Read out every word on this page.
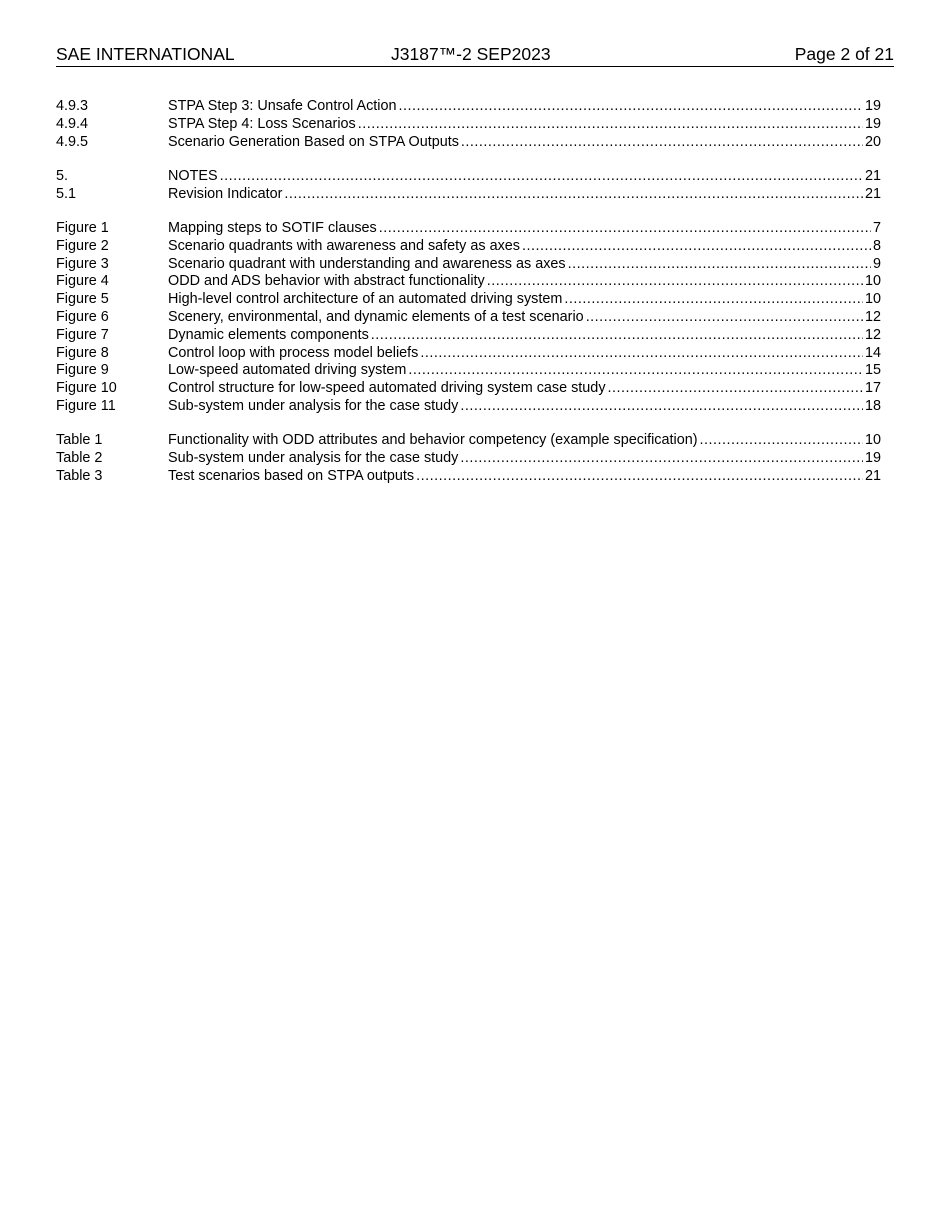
SAE INTERNATIONAL	J3187™-2 SEP2023	Page 2 of 21
4.9.3	STPA Step 3: Unsafe Control Action .....	19
4.9.4	STPA Step 4: Loss Scenarios .....	19
4.9.5	Scenario Generation Based on STPA Outputs .....	20
5.	NOTES .....	21
5.1	Revision Indicator .....	21
Figure 1	Mapping steps to SOTIF clauses .....	7
Figure 2	Scenario quadrants with awareness and safety as axes .....	8
Figure 3	Scenario quadrant with understanding and awareness as axes .....	9
Figure 4	ODD and ADS behavior with abstract functionality .....	10
Figure 5	High-level control architecture of an automated driving system .....	10
Figure 6	Scenery, environmental, and dynamic elements of a test scenario .....	12
Figure 7	Dynamic elements components .....	12
Figure 8	Control loop with process model beliefs .....	14
Figure 9	Low-speed automated driving system .....	15
Figure 10	Control structure for low-speed automated driving system case study .....	17
Figure 11	Sub-system under analysis for the case study .....	18
Table 1	Functionality with ODD attributes and behavior competency (example specification) .....	10
Table 2	Sub-system under analysis for the case study .....	19
Table 3	Test scenarios based on STPA outputs .....	21
